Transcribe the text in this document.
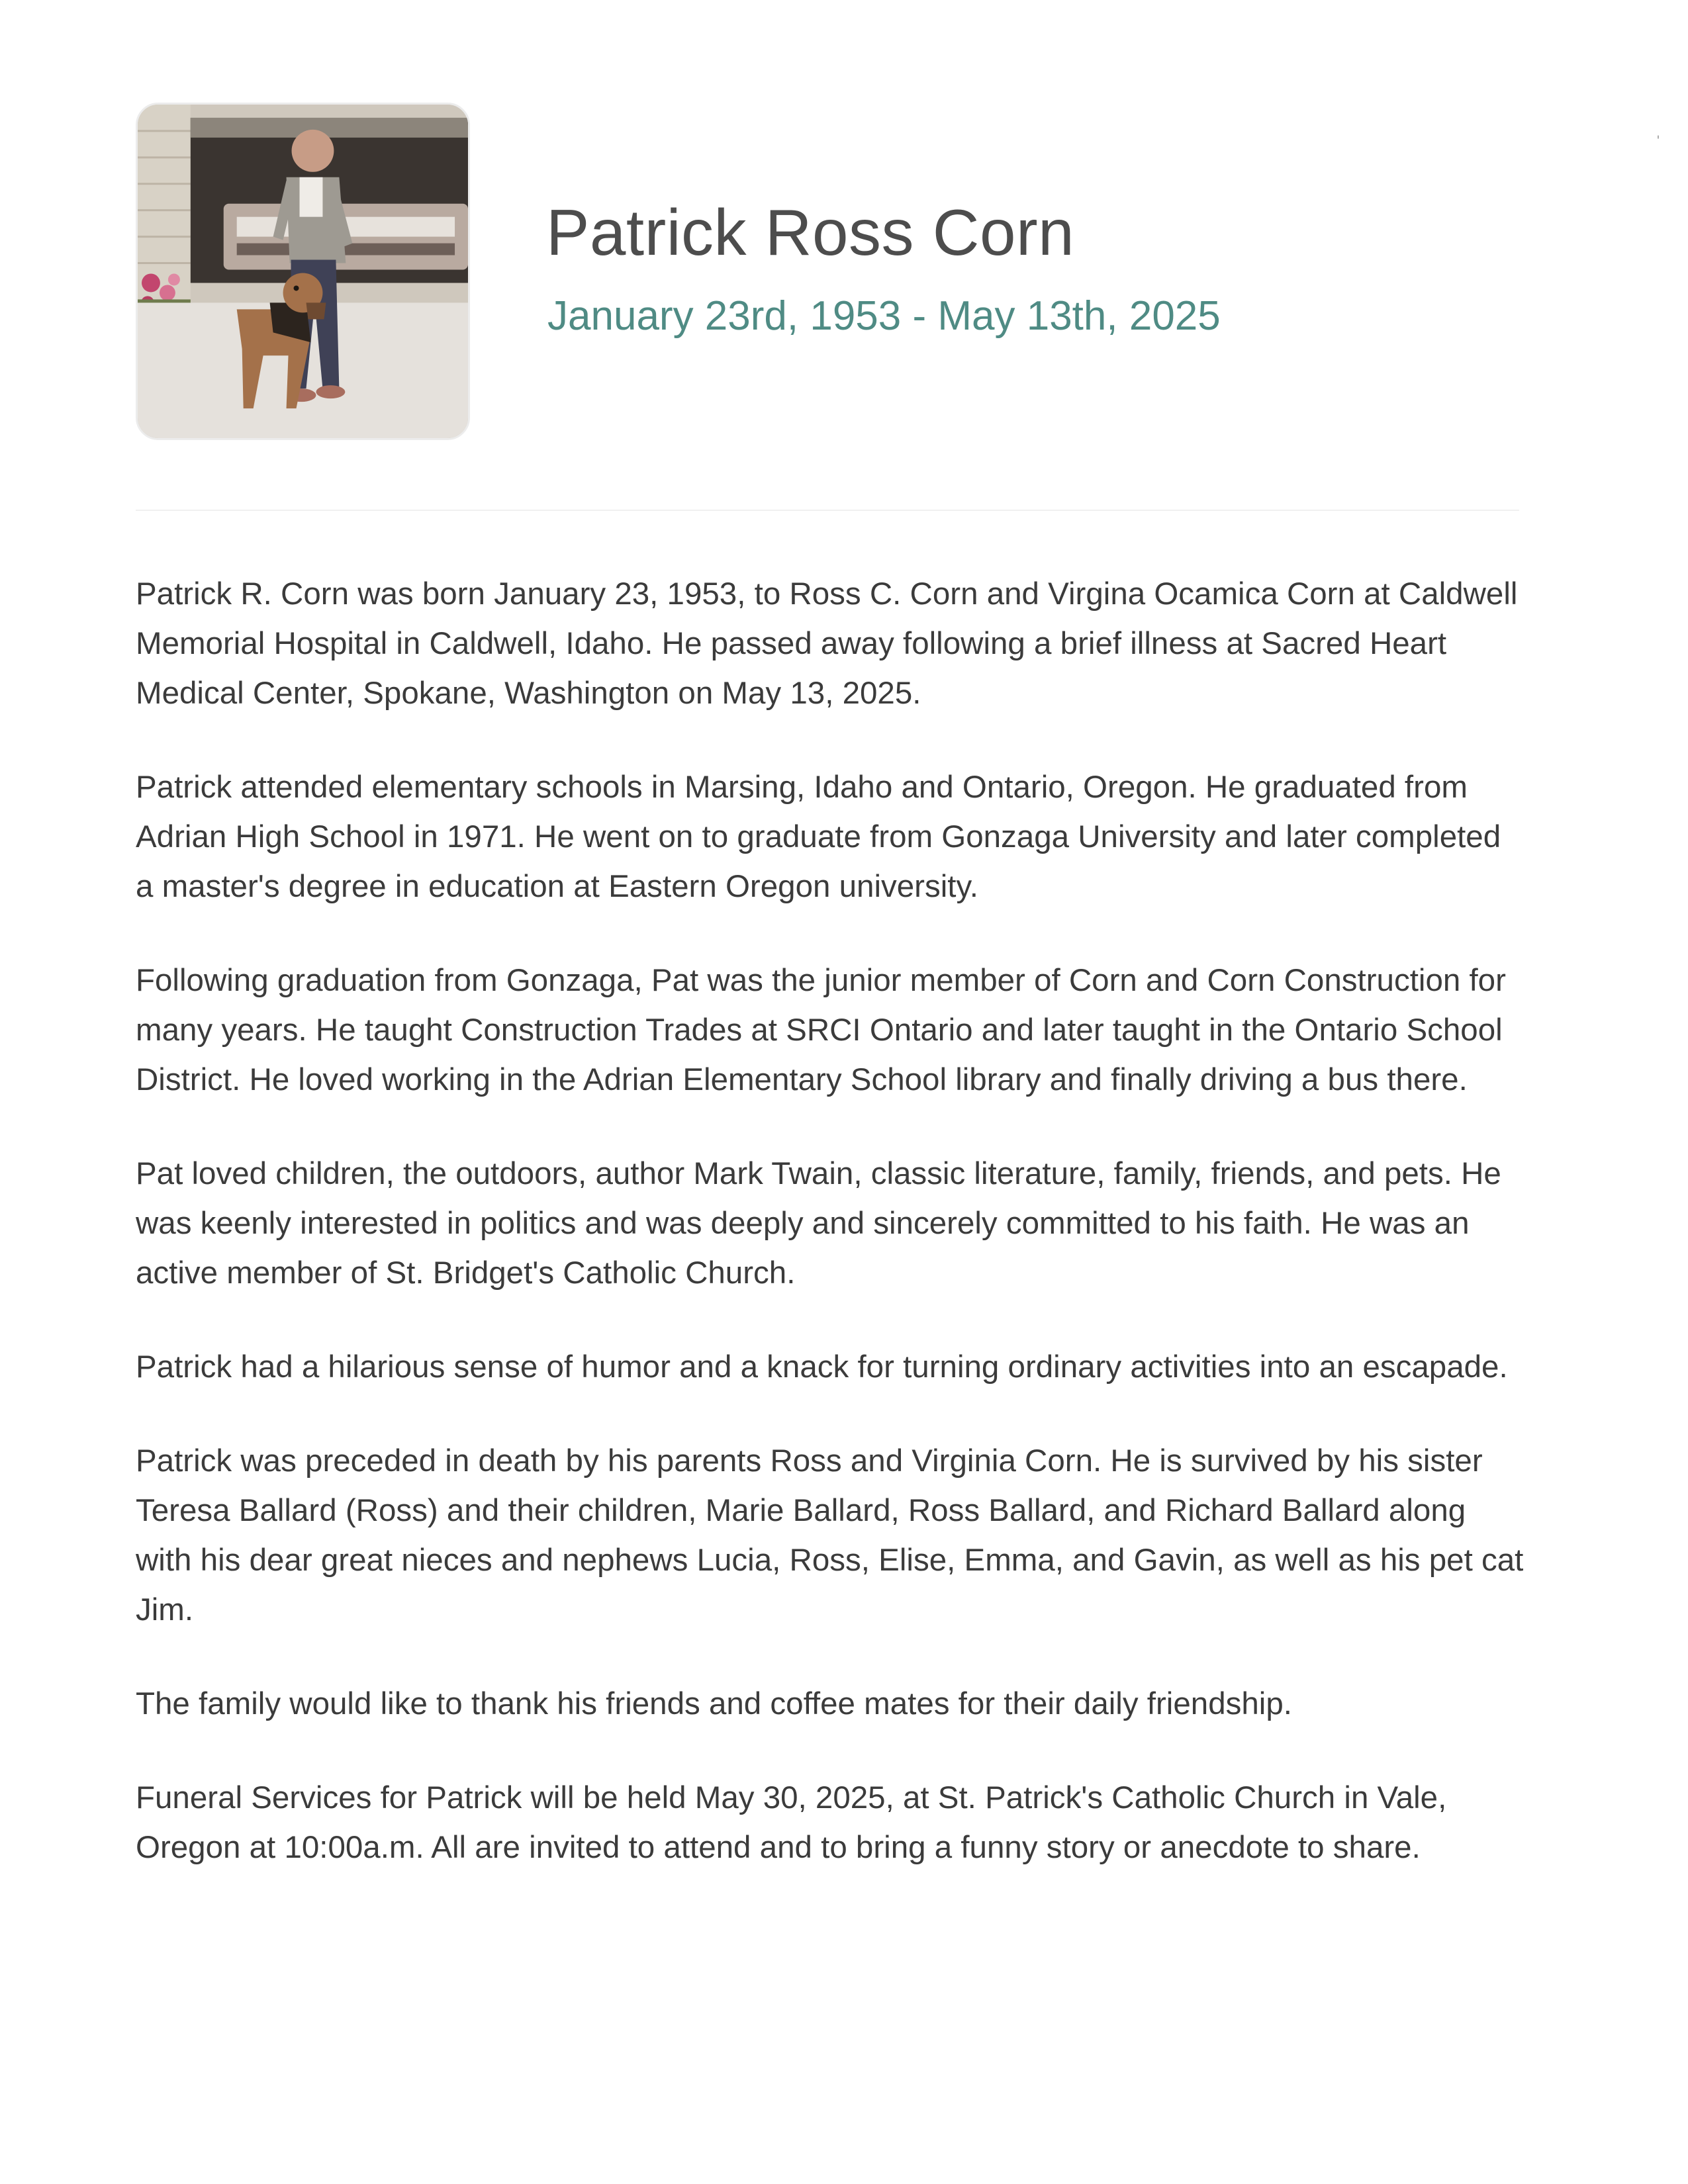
Patrick Ross Corn
January 23rd, 1953 - May 13th, 2025

Patrick R. Corn was born January 23, 1953, to Ross C. Corn and Virgina Ocamica Corn at Caldwell Memorial Hospital in Caldwell, Idaho. He passed away following a brief illness at Sacred Heart Medical Center, Spokane, Washington on May 13, 2025.

Patrick attended elementary schools in Marsing, Idaho and Ontario, Oregon. He graduated from Adrian High School in 1971. He went on to graduate from Gonzaga University and later completed a master's degree in education at Eastern Oregon university.

Following graduation from Gonzaga, Pat was the junior member of Corn and Corn Construction for many years. He taught Construction Trades at SRCI Ontario and later taught in the Ontario School District. He loved working in the Adrian Elementary School library and finally driving a bus there.

Pat loved children, the outdoors, author Mark Twain, classic literature, family, friends, and pets. He was keenly interested in politics and was deeply and sincerely committed to his faith. He was an active member of St. Bridget's Catholic Church.

Patrick had a hilarious sense of humor and a knack for turning ordinary activities into an escapade.

Patrick was preceded in death by his parents Ross and Virginia Corn. He is survived by his sister Teresa Ballard (Ross) and their children, Marie Ballard, Ross Ballard, and Richard Ballard along with his dear great nieces and nephews Lucia, Ross, Elise, Emma, and Gavin, as well as his pet cat Jim.

The family would like to thank his friends and coffee mates for their daily friendship.

Funeral Services for Patrick will be held May 30, 2025, at St. Patrick's Catholic Church in Vale, Oregon at 10:00a.m. All are invited to attend and to bring a funny story or anecdote to share.

ˈ
